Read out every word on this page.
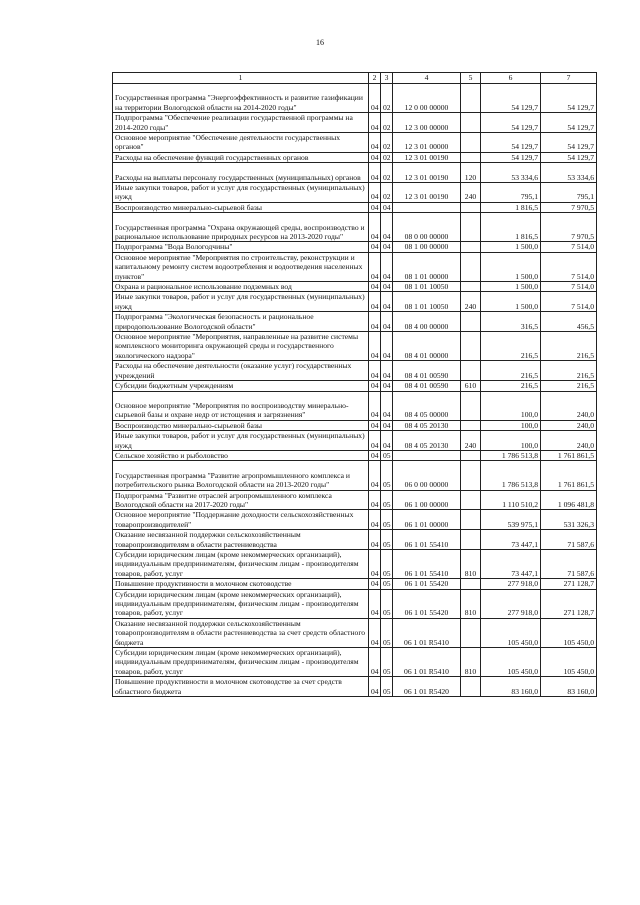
16
1	2	3	4	5	6	7
Государственная программа "Энергоэффективность и развитие газификации на территории Вологодской области на 2014-2020 годы"	04	02	12 0 00 00000		54 129,7	54 129,7
Подпрограмма "Обеспечение реализации государственной программы на 2014-2020 годы"	04	02	12 3 00 00000		54 129,7	54 129,7
Основное мероприятие "Обеспечение деятельности государственных органов"	04	02	12 3 01 00000		54 129,7	54 129,7
Расходы на обеспечение функций государственных органов	04	02	12 3 01 00190		54 129,7	54 129,7
Расходы на выплаты персоналу государственных (муниципальных) органов	04	02	12 3 01 00190	120	53 334,6	53 334,6
Иные закупки товаров, работ и услуг для государственных (муниципальных) нужд	04	02	12 3 01 00190	240	795,1	795,1
Воспроизводство минерально-сырьевой базы	04	04			1 816,5	7 970,5
Государственная программа "Охрана окружающей среды, воспроизводство и рациональное использование природных ресурсов на 2013-2020 годы"	04	04	08 0 00 00000		1 816,5	7 970,5
Подпрограмма "Вода Вологодчины"	04	04	08 1 00 00000		1 500,0	7 514,0
Основное мероприятие "Мероприятия по строительству, реконструкции и капитальному ремонту систем водоотребления и водоотведения населенных пунктов"	04	04	08 1 01 00000		1 500,0	7 514,0
Охрана и рациональное использование подземных вод	04	04	08 1 01 10050		1 500,0	7 514,0
Иные закупки товаров, работ и услуг для государственных (муниципальных) нужд	04	04	08 1 01 10050	240	1 500,0	7 514,0
Подпрограмма "Экологическая безопасность и рациональное природопользование Вологодской области"	04	04	08 4 00 00000		316,5	456,5
Основное мероприятие "Мероприятия, направленные на развитие системы комплексного мониторинга окружающей среды и государственного экологического надзора"	04	04	08 4 01 00000		216,5	216,5
Расходы на обеспечение деятельности (оказание услуг) государственных учреждений	04	04	08 4 01 00590		216,5	216,5
Субсидии бюджетным учреждениям	04	04	08 4 01 00590	610	216,5	216,5
Основное мероприятие "Мероприятия по воспроизводству минерально-сырьевой базы и охране недр от истощения и загрязнения"	04	04	08 4 05 00000		100,0	240,0
Воспроизводство минерально-сырьевой базы	04	04	08 4 05 20130		100,0	240,0
Иные закупки товаров, работ и услуг для государственных (муниципальных) нужд	04	04	08 4 05 20130	240	100,0	240,0
Сельское хозяйство и рыболовство	04	05			1 786 513,8	1 761 861,5
Государственная программа "Развитие агропромышленного комплекса и потребительского рынка Вологодской области на 2013-2020 годы"	04	05	06 0 00 00000		1 786 513,8	1 761 861,5
Подпрограмма "Развитие отраслей агропромышленного комплекса Вологодской области на 2017-2020 годы"	04	05	06 1 00 00000		1 110 510,2	1 096 481,8
Основное мероприятие "Поддержание доходности сельскохозяйственных товаропроизводителей"	04	05	06 1 01 00000		539 975,1	531 326,3
Оказание несвязанной поддержки сельскохозяйственным товаропроизводителям в области растениеводства	04	05	06 1 01 55410		73 447,1	71 587,6
Субсидии юридическим лицам (кроме некоммерческих организаций), индивидуальным предпринимателям, физическим лицам - производителям товаров, работ, услуг	04	05	06 1 01 55410	810	73 447,1	71 587,6
Повышение продуктивности в молочном скотоводстве	04	05	06 1 01 55420		277 918,0	271 128,7
Субсидии юридическим лицам (кроме некоммерческих организаций), индивидуальным предпринимателям, физическим лицам - производителям товаров, работ, услуг	04	05	06 1 01 55420	810	277 918,0	271 128,7
Оказание несвязанной поддержки сельскохозяйственным товаропроизводителям в области растениеводства за счет средств областного бюджета	04	05	06 1 01 R5410		105 450,0	105 450,0
Субсидии юридическим лицам (кроме некоммерческих организаций), индивидуальным предпринимателям, физическим лицам - производителям товаров, работ, услуг	04	05	06 1 01 R5410	810	105 450,0	105 450,0
Повышение продуктивности в молочном скотоводстве за счет средств областного бюджета	04	05	06 1 01 R5420		83 160,0	83 160,0
